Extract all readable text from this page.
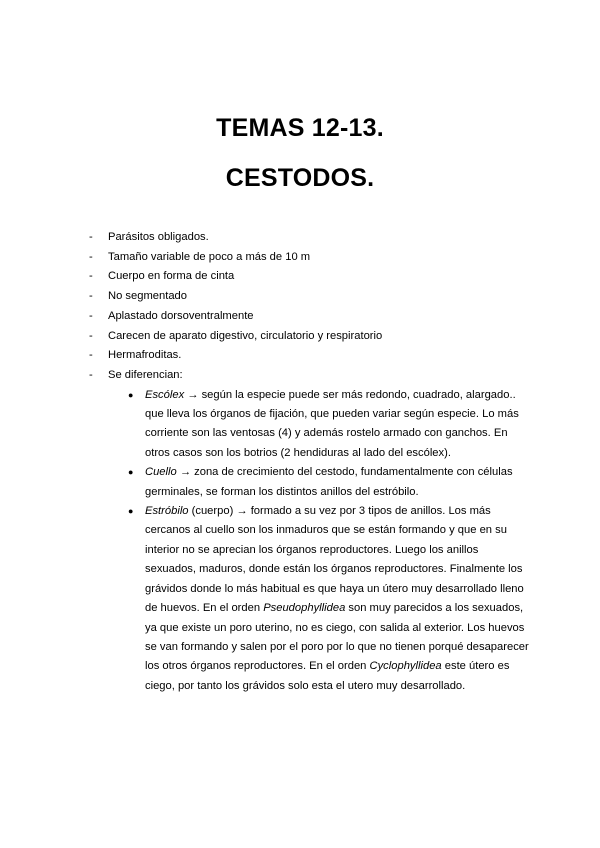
TEMAS 12-13.
CESTODOS.
- Parásitos obligados.
- Tamaño variable de poco a más de 10 m
- Cuerpo en forma de cinta
- No segmentado
- Aplastado dorsoventralmente
- Carecen de aparato digestivo, circulatorio y respiratorio
- Hermafroditas.
- Se diferencian:
● Escólex → según la especie puede ser más redondo, cuadrado, alargado.. que lleva los órganos de fijación, que pueden variar según especie. Lo más corriente son las ventosas (4) y además rostelo armado con ganchos. En otros casos son los botrios (2 hendiduras al lado del escólex).
● Cuello → zona de crecimiento del cestodo, fundamentalmente con células germinales, se forman los distintos anillos del estróbilo.
● Estróbilo (cuerpo) → formado a su vez por 3 tipos de anillos. Los más cercanos al cuello son los inmaduros que se están formando y que en su interior no se aprecian los órganos reproductores. Luego los anillos sexuados, maduros, donde están los órganos reproductores. Finalmente los grávidos donde lo más habitual es que haya un útero muy desarrollado lleno de huevos. En el orden Pseudophyllidea son muy parecidos a los sexuados, ya que existe un poro uterino, no es ciego, con salida al exterior. Los huevos se van formando y salen por el poro por lo que no tienen porqué desaparecer los otros órganos reproductores. En el orden Cyclophyllidea este útero es ciego, por tanto los grávidos solo esta el utero muy desarrollado.
